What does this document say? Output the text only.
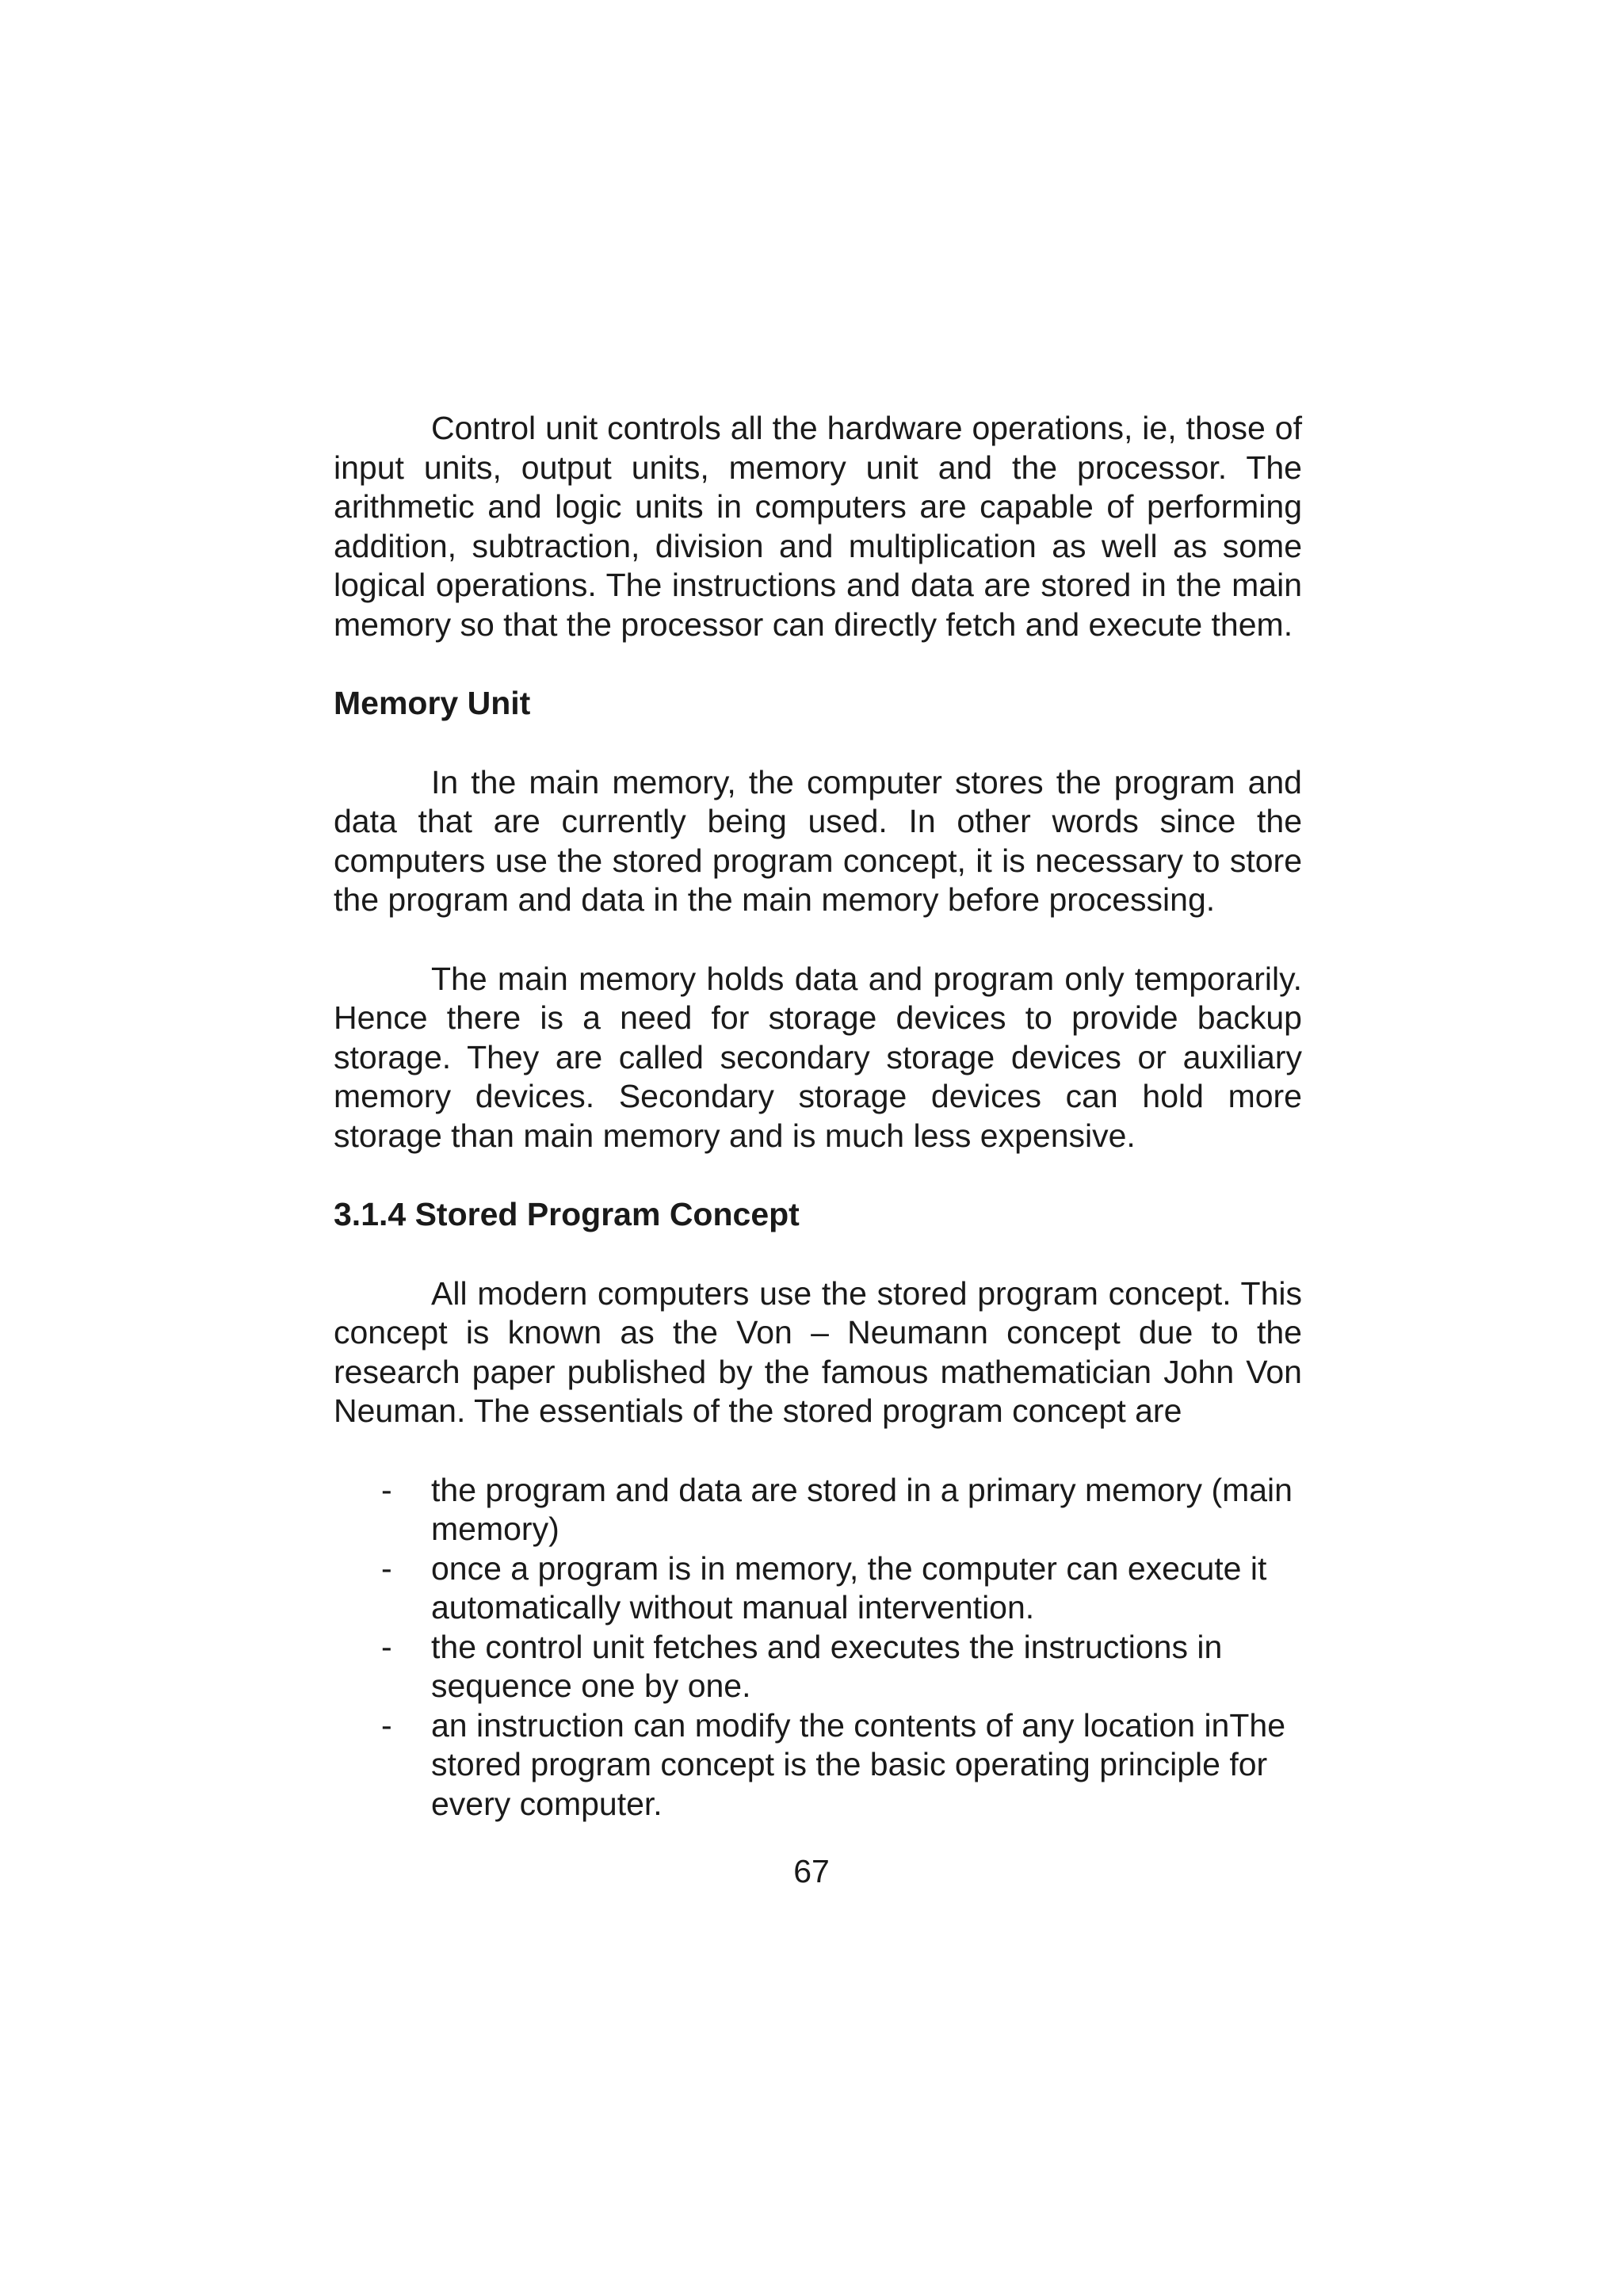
Control unit controls all the hardware operations, ie, those of input units, output units, memory unit and the processor. The arithmetic and logic units in computers are capable of performing addition, subtraction, division and multiplication as well as some logical operations. The instructions and data are stored in the main memory so that the processor can directly fetch and execute them.

Memory Unit

In the main memory, the computer stores the program and data that are currently being used. In other words since the computers use the stored program concept, it is necessary to store the program and data in the main memory before processing.

The main memory holds data and program only temporarily. Hence there is a need for storage devices to provide backup storage. They are called secondary storage devices or auxiliary memory devices. Secondary storage devices can hold more storage than main memory and is much less expensive.

3.1.4 Stored Program Concept

All modern computers use the stored program concept. This concept is known as the Von – Neumann concept due to the research paper published by the famous mathematician John Von Neuman. The essentials of the stored program concept are

- the program and data are stored in a primary memory (main memory)
- once a program is in memory, the computer can execute it automatically without manual intervention.
- the control unit fetches and executes the instructions in sequence one by one.
- an instruction can modify the contents of any location inThe stored program concept is the basic operating principle for every computer.
67
